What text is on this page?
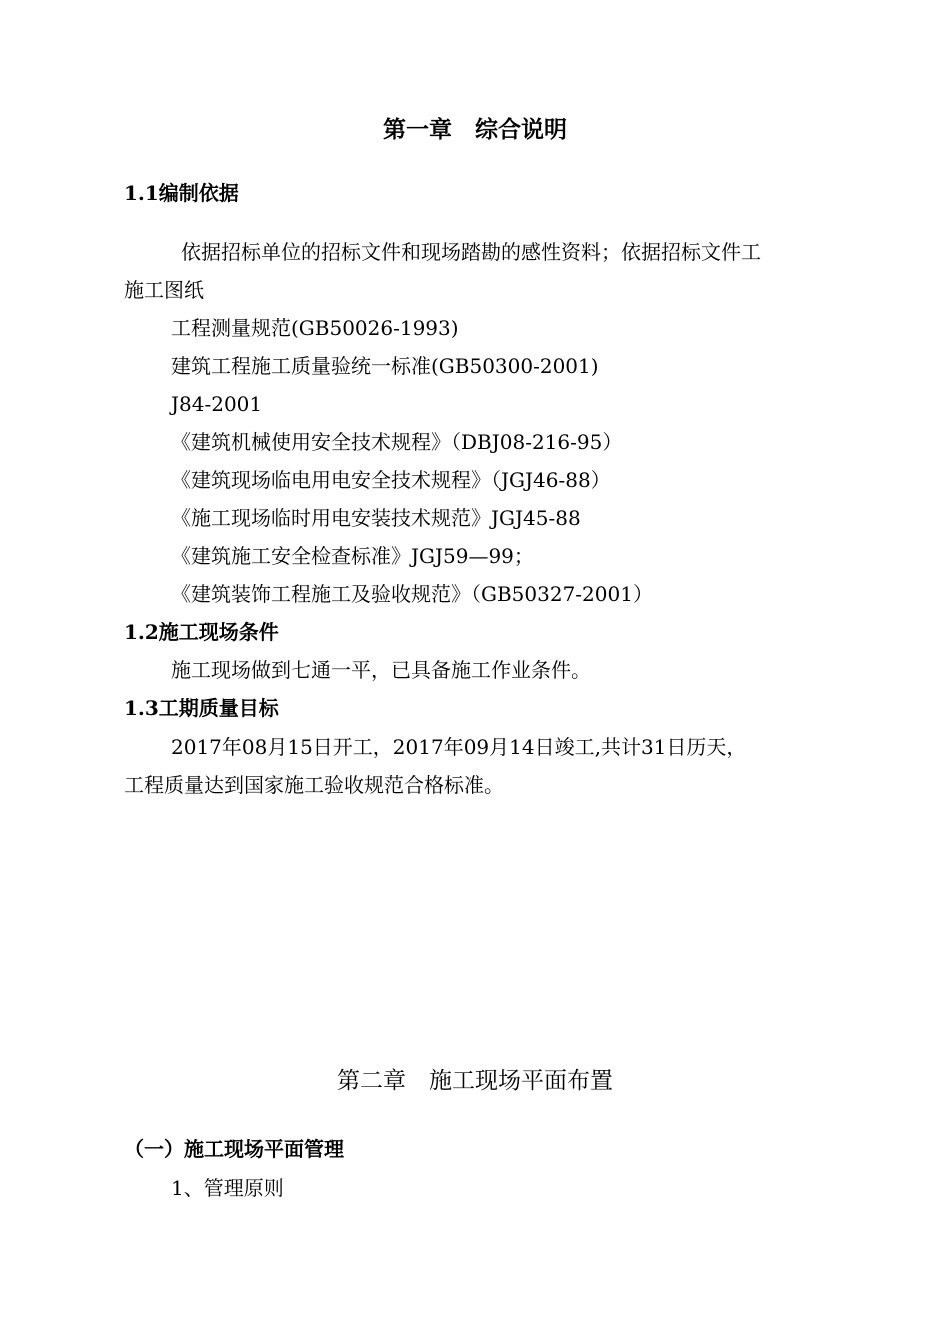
第一章　综合说明
1.1编制依据
依据招标单位的招标文件和现场踏勘的感性资料；依据招标文件工
施工图纸
工程测量规范(GB50026-1993)
建筑工程施工质量验统一标准(GB50300-2001)
J84-2001
《建筑机械使用安全技术规程》（DBJ08-216-95）
《建筑现场临电用电安全技术规程》（JGJ46-88）
《施工现场临时用电安装技术规范》JGJ45-88
《建筑施工安全检查标准》JGJ59—99；
《建筑装饰工程施工及验收规范》（GB50327-2001）
1.2施工现场条件
施工现场做到七通一平，已具备施工作业条件。
1.3工期质量目标
2017年08月15日开工，2017年09月14日竣工,共计31日历天，
工程质量达到国家施工验收规范合格标准。
第二章　施工现场平面布置
（一）施工现场平面管理
1、管理原则
